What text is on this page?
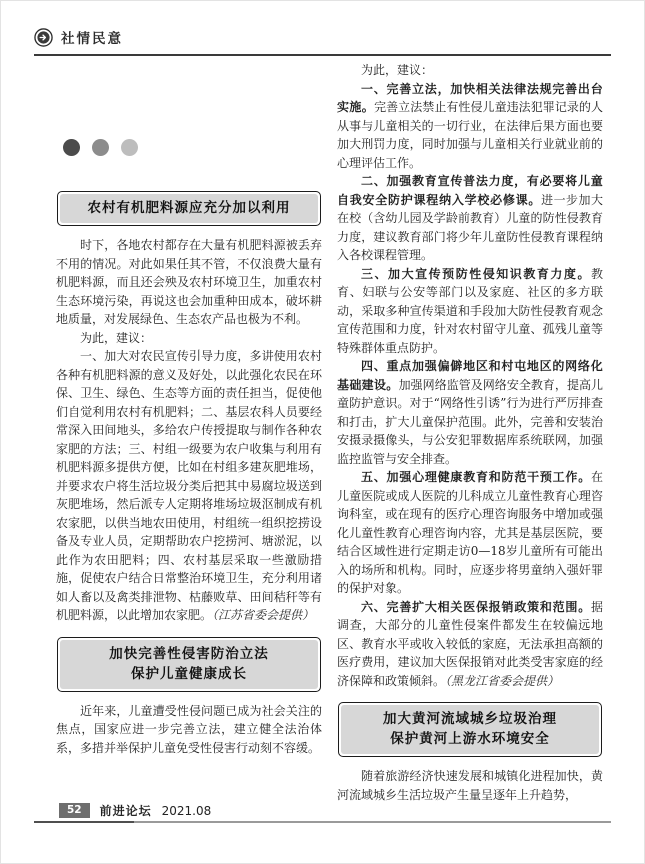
社情民意
农村有机肥料源应充分加以利用

时下，各地农村都存在大量有机肥料源被丢弃不用的情况。对此如果任其不管，不仅浪费大量有机肥料源，而且还会殃及农村环境卫生，加重农村生态环境污染，再说这也会加重种田成本，破坏耕地质量，对发展绿色、生态农产品也极为不利。

为此，建议：

一、加大对农民宣传引导力度，多讲使用农村各种有机肥料源的意义及好处，以此强化农民在环保、卫生、绿色、生态等方面的责任担当，促使他们自觉利用农村有机肥料；二、基层农科人员要经常深入田间地头，多给农户传授提取与制作各种农家肥的方法；三、村组一级要为农户收集与利用有机肥料源多提供方便，比如在村组多建灰肥堆场，并要求农户将生活垃圾分类后把其中易腐垃圾送到灰肥堆场，然后派专人定期将堆场垃圾沤制成有机农家肥，以供当地农田使用，村组统一组织挖捞设备及专业人员，定期帮助农户挖捞河、塘淤泥，以此作为农田肥料；四、农村基层采取一些激励措施，促使农户结合日常整治环境卫生，充分利用诸如人畜以及禽类排泄物、枯藤败草、田间秸秆等有机肥料源，以此增加农家肥。（江苏省委会提供）

加快完善性侵害防治立法
保护儿童健康成长

近年来，儿童遭受性侵问题已成为社会关注的焦点，国家应进一步完善立法，建立健全法治体系，多措并举保护儿童免受性侵害行动刻不容缓。

为此，建议：

一、完善立法，加快相关法律法规完善出台实施。完善立法禁止有性侵儿童违法犯罪记录的人从事与儿童相关的一切行业，在法律后果方面也要加大刑罚力度，同时加强与儿童相关行业就业前的心理评估工作。

二、加强教育宣传普法力度，有必要将儿童自我安全防护课程纳入学校必修课。进一步加大在校（含幼儿园及学龄前教育）儿童的防性侵教育力度，建议教育部门将少年儿童防性侵教育课程纳入各校课程管理。

三、加大宣传预防性侵知识教育力度。教育、妇联与公安等部门以及家庭、社区的多方联动，采取多种宣传渠道和手段加大防性侵教育观念宣传范围和力度，针对农村留守儿童、孤残儿童等特殊群体重点防护。

四、重点加强偏僻地区和村屯地区的网络化基础建设。加强网络监管及网络安全教育，提高儿童防护意识。对于“网络性引诱”行为进行严厉排查和打击，扩大儿童保护范围。此外，完善和安装治安摄录摄像头，与公安犯罪数据库系统联网，加强监控监管与安全排查。

五、加强心理健康教育和防范干预工作。在儿童医院或成人医院的儿科成立儿童性教育心理咨询科室，或在现有的医疗心理咨询服务中增加或强化儿童性教育心理咨询内容，尤其是基层医院，要结合区域性进行定期走访0—18岁儿童所有可能出入的场所和机构。同时，应逐步将男童纳入强奸罪的保护对象。

六、完善扩大相关医保报销政策和范围。据调查，大部分的儿童性侵案件都发生在较偏远地区、教育水平或收入较低的家庭，无法承担高额的医疗费用，建议加大医保报销对此类受害家庭的经济保障和政策倾斜。（黑龙江省委会提供）

加大黄河流域城乡垃圾治理
保护黄河上游水环境安全

随着旅游经济快速发展和城镇化进程加快，黄河流域城乡生活垃圾产生量呈逐年上升趋势，

52	前进论坛 2021.08
